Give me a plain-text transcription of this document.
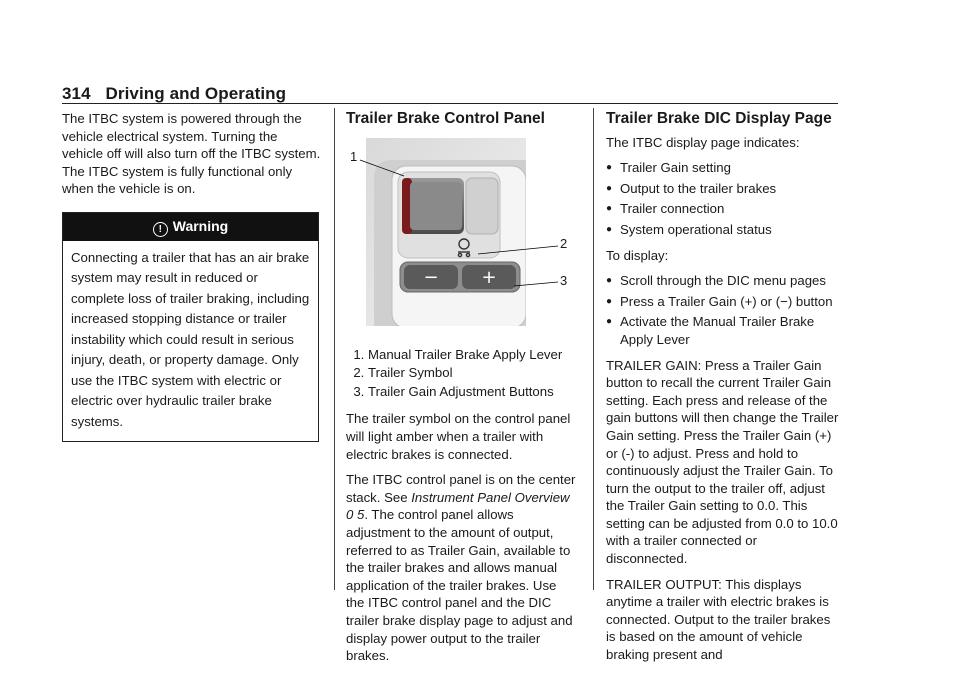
314 Driving and Operating

The ITBC system is powered through the vehicle electrical system. Turning the vehicle off will also turn off the ITBC system. The ITBC system is fully functional only when the vehicle is on.

! Warning
Connecting a trailer that has an air brake system may result in reduced or complete loss of trailer braking, including increased stopping distance or trailer instability which could result in serious injury, death, or property damage. Only use the ITBC system with electric or electric over hydraulic trailer brake systems.
Trailer Brake Control Panel
− +
1
2
3
1. Manual Trailer Brake Apply Lever
2. Trailer Symbol
3. Trailer Gain Adjustment Buttons

The trailer symbol on the control panel will light amber when a trailer with electric brakes is connected.

The ITBC control panel is on the center stack. See Instrument Panel Overview 0 5. The control panel allows adjustment to the amount of output, referred to as Trailer Gain, available to the trailer brakes and allows manual application of the trailer brakes. Use the ITBC control panel and the DIC trailer brake display page to adjust and display power output to the trailer brakes.

Trailer Brake DIC Display Page

The ITBC display page indicates:

● Trailer Gain setting
● Output to the trailer brakes
● Trailer connection
● System operational status

To display:

● Scroll through the DIC menu pages
● Press a Trailer Gain (+) or (−) button
● Activate the Manual Trailer Brake Apply Lever

TRAILER GAIN: Press a Trailer Gain button to recall the current Trailer Gain setting. Each press and release of the gain buttons will then change the Trailer Gain setting. Press the Trailer Gain (+) or (-) to adjust. Press and hold to continuously adjust the Trailer Gain. To turn the output to the trailer off, adjust the Trailer Gain setting to 0.0. This setting can be adjusted from 0.0 to 10.0 with a trailer connected or disconnected.

TRAILER OUTPUT: This displays anytime a trailer with electric brakes is connected. Output to the trailer brakes is based on the amount of vehicle braking present and
